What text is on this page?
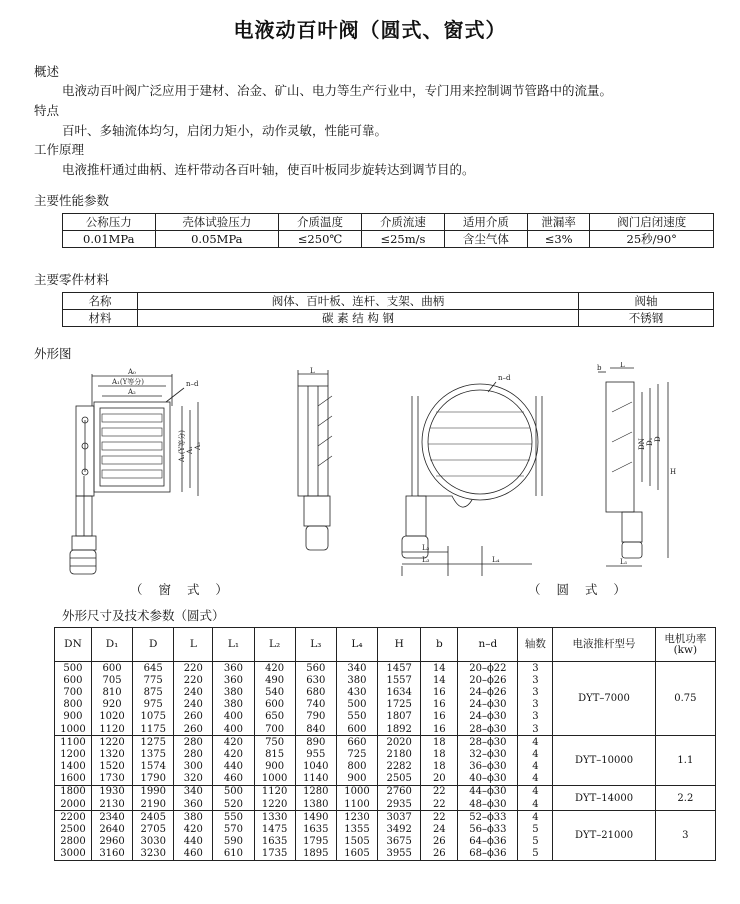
电液动百叶阀（圆式、窗式）
概述
电液动百叶阀广泛应用于建材、冶金、矿山、电力等生产行业中，专门用来控制调节管路中的流量。
特点
百叶、多轴流体均匀，启闭力矩小，动作灵敏，性能可靠。
工作原理
电液推杆通过曲柄、连杆带动各百叶轴，使百叶板同步旋转达到调节目的。
主要性能参数
公称压力	壳体试验压力	介质温度	介质流速	适用介质	泄漏率	阀门启闭速度
0.01MPa	0.05MPa	≤250℃	≤25m/s	含尘气体	≤3%	25秒/90°
主要零件材料
名称	阀体、百叶板、连杆、支架、曲柄	阀轴
材料	碳 素 结 构 钢	不锈钢
外形图
A₀
A₁(Y等分)
A₂
n–d
A₁(Y等分) A₁
A₃
L
n–d
L₂
L₃	L₄
b	L
DN D₁ D
H
L₁
（ 窗 式 ）	（ 圆 式 ）
外形尺寸及技术参数（圆式）
DN	D₁	D	L	L₁	L₂	L₃	L₄	H	b	n–d	轴数	电液推杆型号	电机功率(kw)
500	600	645	220	360	420	560	340	1457	14	20–ϕ22	3	DYT–7000	0.75
600	705	775	220	360	490	630	380	1557	14	20–ϕ26	3		
700	810	875	240	380	540	680	430	1634	16	24–ϕ26	3		
800	920	975	240	380	600	740	500	1725	16	24–ϕ30	3		
900	1020	1075	260	400	650	790	550	1807	16	24–ϕ30	3		
1000	1120	1175	260	400	700	840	600	1892	16	28–ϕ30	3		
1100	1220	1275	280	420	750	890	660	2020	18	28–ϕ30	4	DYT–10000	1.1
1200	1320	1375	280	420	815	955	725	2180	18	32–ϕ30	4		
1400	1520	1574	300	440	900	1040	800	2282	18	36–ϕ30	4		
1600	1730	1790	320	460	1000	1140	900	2505	20	40–ϕ30	4		
1800	1930	1990	340	500	1120	1280	1000	2760	22	44–ϕ30	4	DYT–14000	2.2
2000	2130	2190	360	520	1220	1380	1100	2935	22	48–ϕ30	4		
2200	2340	2405	380	550	1330	1490	1230	3037	22	52–ϕ33	4	DYT–21000	3
2500	2640	2705	420	570	1475	1635	1355	3492	24	56–ϕ33	5		
2800	2960	3030	440	590	1635	1795	1505	3675	26	64–ϕ36	5		
3000	3160	3230	460	610	1735	1895	1605	3955	26	68–ϕ36	5		
